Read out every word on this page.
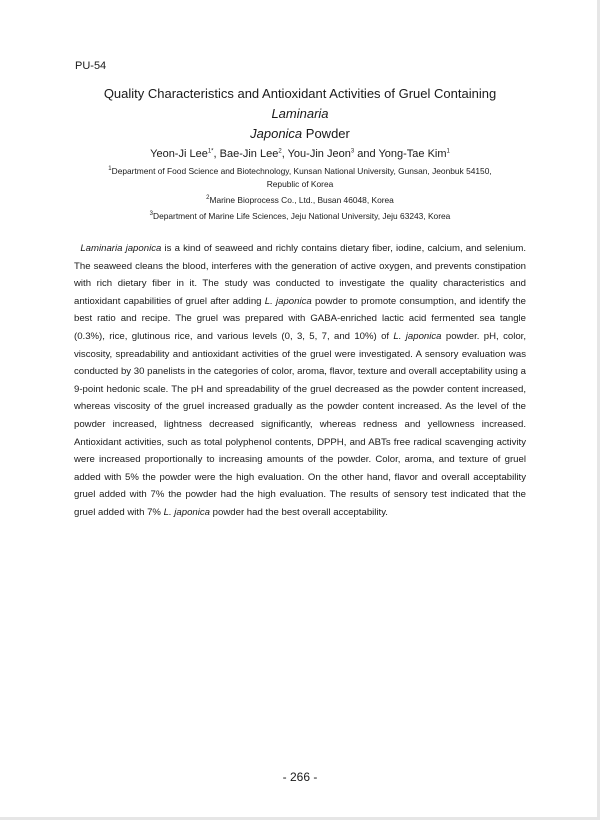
PU-54
Quality Characteristics and Antioxidant Activities of Gruel Containing Laminaria
Japonica Powder
Yeon-Ji Lee$^{1*}$, Bae-Jin Lee$^2$, You-Jin Jeon$^3$ and Yong-Tae Kim$^1$
$^1$Department of Food Science and Biotechnology, Kunsan National University, Gunsan, Jeonbuk 54150,
Republic of Korea
$^2$Marine Bioprocess Co., Ltd., Busan 46048, Korea
$^3$Department of Marine Life Sciences, Jeju National University, Jeju 63243, Korea

Laminaria japonica is a kind of seaweed and richly contains dietary fiber, iodine, calcium, and selenium. The seaweed cleans the blood, interferes with the generation of active oxygen, and prevents constipation with rich dietary fiber in it. The study was conducted to investigate the quality characteristics and antioxidant capabilities of gruel after adding L. japonica powder to promote consumption, and identify the best ratio and recipe. The gruel was prepared with GABA-enriched lactic acid fermented sea tangle (0.3%), rice, glutinous rice, and various levels (0, 3, 5, 7, and 10%) of L. japonica powder. pH, color, viscosity, spreadability and antioxidant activities of the gruel were investigated. A sensory evaluation was conducted by 30 panelists in the categories of color, aroma, flavor, texture and overall acceptability using a 9-point hedonic scale. The pH and spreadability of the gruel decreased as the powder content increased, whereas viscosity of the gruel increased gradually as the powder content increased. As the level of the powder increased, lightness decreased significantly, whereas redness and yellowness increased. Antioxidant activities, such as total polyphenol contents, DPPH, and ABTs free radical scavenging activity were increased proportionally to increasing amounts of the powder. Color, aroma, and texture of gruel added with 5% the powder were the high evaluation. On the other hand, flavor and overall acceptability gruel added with 7% the powder had the high evaluation. The results of sensory test indicated that the gruel added with 7% L. japonica powder had the best overall acceptability.

- 266 -
